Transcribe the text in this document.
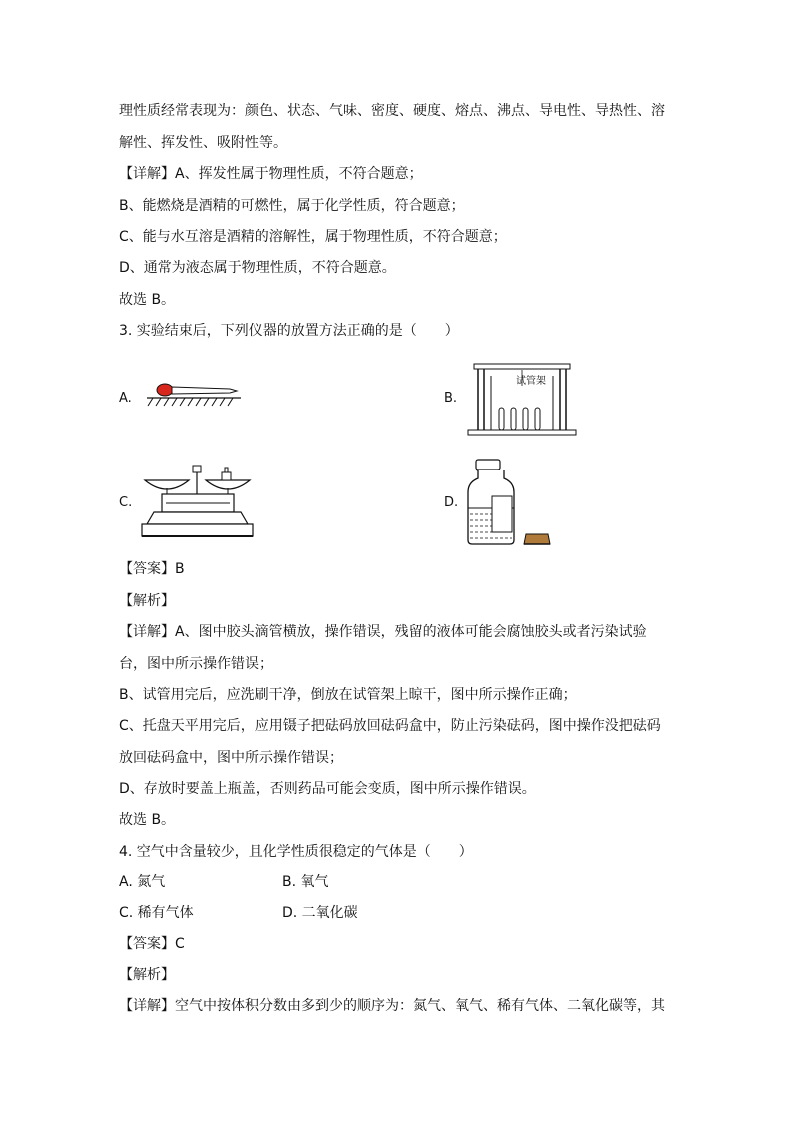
理性质经常表现为：颜色、状态、气味、密度、硬度、熔点、沸点、导电性、导热性、溶
解性、挥发性、吸附性等。
【详解】A、挥发性属于物理性质，不符合题意；
B、能燃烧是酒精的可燃性，属于化学性质，符合题意；
C、能与水互溶是酒精的溶解性，属于物理性质，不符合题意；
D、通常为液态属于物理性质，不符合题意。
故选 B。
3. 实验结束后，下列仪器的放置方法正确的是（　　）
A.	B.
C.	D.
试管架
【答案】B
【解析】
【详解】A、图中胶头滴管横放，操作错误，残留的液体可能会腐蚀胶头或者污染试验
台，图中所示操作错误；
B、试管用完后，应洗刷干净，倒放在试管架上晾干，图中所示操作正确；
C、托盘天平用完后，应用镊子把砝码放回砝码盒中，防止污染砝码，图中操作没把砝码
放回砝码盒中，图中所示操作错误；
D、存放时要盖上瓶盖，否则药品可能会变质，图中所示操作错误。
故选 B。
4. 空气中含量较少，且化学性质很稳定的气体是（　　）
A. 氮气	B. 氧气
C. 稀有气体	D. 二氧化碳
【答案】C
【解析】
【详解】空气中按体积分数由多到少的顺序为：氮气、氧气、稀有气体、二氧化碳等，其
